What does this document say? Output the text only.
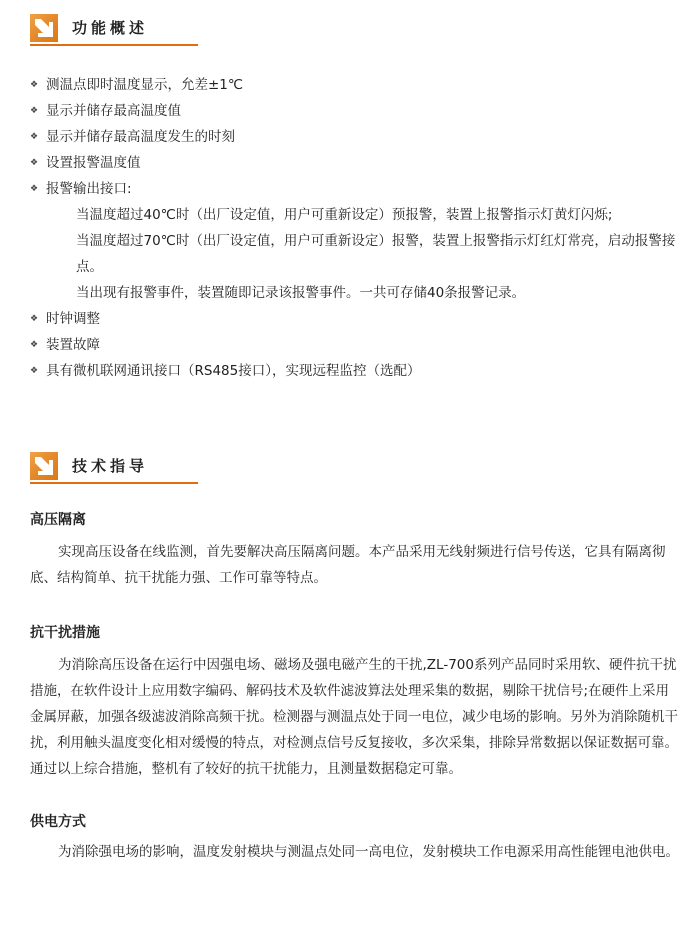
功能概述
❖ 测温点即时温度显示，允差±1℃
❖ 显示并储存最高温度值
❖ 显示并储存最高温度发生的时刻
❖ 设置报警温度值
❖ 报警输出接口:
当温度超过40℃时（出厂设定值，用户可重新设定）预报警，装置上报警指示灯黄灯闪烁;
当温度超过70℃时（出厂设定值，用户可重新设定）报警，装置上报警指示灯红灯常亮，启动报警接点。
当出现有报警事件，装置随即记录该报警事件。一共可存储40条报警记录。
❖ 时钟调整
❖ 装置故障
❖ 具有微机联网通讯接口（RS485接口），实现远程监控（选配）
技术指导
高压隔离

实现高压设备在线监测，首先要解决高压隔离问题。本产品采用无线射频进行信号传送，它具有隔离彻底、结构简单、抗干扰能力强、工作可靠等特点。

抗干扰措施

为消除高压设备在运行中因强电场、磁场及强电磁产生的干扰,ZL-700系列产品同时采用软、硬件抗干扰措施，在软件设计上应用数字编码、解码技术及软件滤波算法处理采集的数据，剔除干扰信号;在硬件上采用金属屏蔽，加强各级滤波消除高频干扰。检测器与测温点处于同一电位，减少电场的影响。另外为消除随机干扰，利用触头温度变化相对缓慢的特点，对检测点信号反复接收，多次采集，排除异常数据以保证数据可靠。通过以上综合措施，整机有了较好的抗干扰能力，且测量数据稳定可靠。

供电方式

为消除强电场的影响，温度发射模块与测温点处同一高电位，发射模块工作电源采用高性能锂电池供电。
